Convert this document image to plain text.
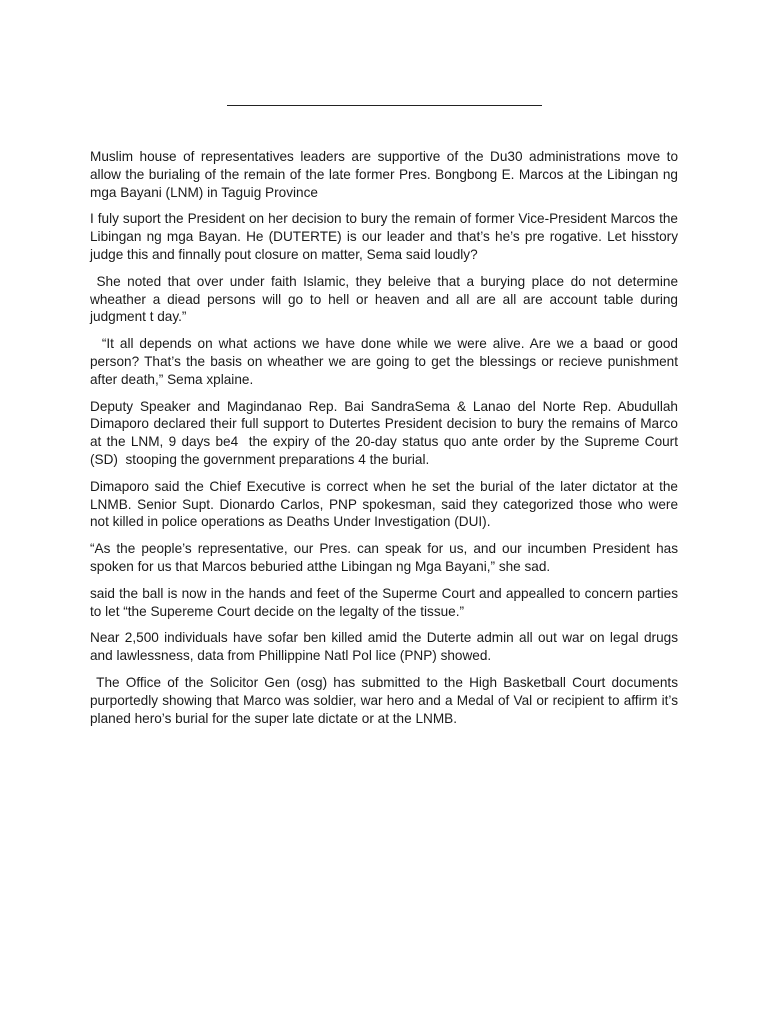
Muslim house of representatives leaders are supportive of the Du30 administrations move to allow the burialing of the remain of the late former Pres. Bongbong E. Marcos at the Libingan ng mga Bayani (LNM) in Taguig Province

I fuly suport the President on her decision to bury the remain of former Vice-President Marcos the Libingan ng mga Bayan. He (DUTERTE) is our leader and that’s he’s pre rogative. Let hisstory judge this and finnally pout closure on matter, Sema said loudly?

She noted that over under faith Islamic, they beleive that a burying place do not determine wheather a diead persons will go to hell or heaven and all are all are account table during judgment t day.”

“It all depends on what actions we have done while we were alive. Are we a baad or good person? That’s the basis on wheather we are going to get the blessings or recieve punishment after death,” Sema xplaine.

Deputy Speaker and Magindanao Rep. Bai SandraSema & Lanao del Norte Rep. Abudullah Dimaporo declared their full support to Dutertes President decision to bury the remains of Marco at the LNM, 9 days be4  the expiry of the 20-day status quo ante order by the Supreme Court (SD)  stooping the government preparations 4 the burial.

Dimaporo said the Chief Executive is correct when he set the burial of the later dictator at the LNMB. Senior Supt. Dionardo Carlos, PNP spokesman, said they categorized those who were not killed in police operations as Deaths Under Investigation (DUI).

“As the people’s representative, our Pres. can speak for us, and our incumben President has spoken for us that Marcos beburied atthe Libingan ng Mga Bayani,” she sad.

said the ball is now in the hands and feet of the Superme Court and appealled to concern parties to let “the Supereme Court decide on the legalty of the tissue.”

Near 2,500 individuals have sofar ben killed amid the Duterte admin all out war on legal drugs and lawlessness, data from Phillippine Natl Pol lice (PNP) showed.

The Office of the Solicitor Gen (osg) has submitted to the High Basketball Court documents purportedly showing that Marco was soldier, war hero and a Medal of Val or recipient to affirm it’s planed hero’s burial for the super late dictate or at the LNMB.
